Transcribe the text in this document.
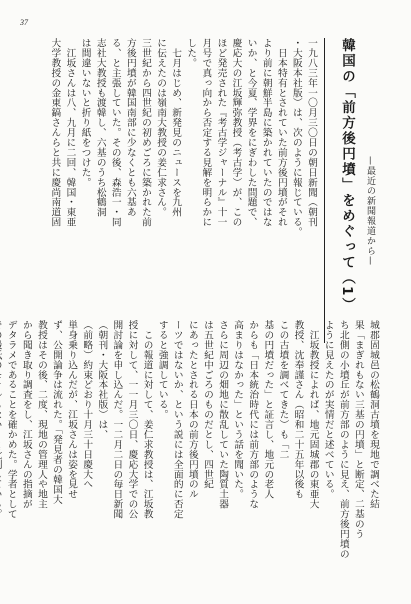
37
韓国の「前方後円墳」をめぐって（1） —最近の新聞報道から—
一九八三年一〇月三〇日の朝日新聞（朝刊
・大阪本社版）は、次のように報じている。
　日本特有とされていた前方後円墳がそれ
より前に朝鮮半島に築かれていたのではな
いか、と今夏、学界をにぎわした問題で、
慶応大の江坂輝弥教授（考古学）が、この
ほど発売された『考古学ジャーナル』十一
月号で真っ向から否定する見解を明らかに
した。
　七月はじめ、新発見のニュースを九州
に伝えたのは嶺南大教授の姜仁求さん。
三世紀から四世紀の初めごろに築かれた前
方後円墳が韓国南部に少なくとも六基あ
る、と主張していた。その後、森浩一・同
志社大教授も渡韓し、六基のうち松鶴洞
は間違いないと折り紙をつけた。
　江坂さんは八、九月に二回、韓国・東亜
大学教授の金東鎬さんらと共に慶尚南道固
城郡固城邑の松鶴洞古墳を現地で調べた結
果「まぎれもない三基の円墳」と断定、二基のう
ち北側の小墳丘が前方部のように見え、前方後円墳の
ように見えたのが実情だと述べている。
　江坂教授によれば、地元固城郡の東亜大
教授、沈奉謹さん（昭和二十五年以後も
この古墳を調べてきた）も「二
基の円墳だった」と証言し、地元の老人
からも「日本統治時代には前方部のような
高まりはなかった」という話を聞いた。
さらに周辺の畑地に散乱していた陶質土器
は五世紀中ごろのものだとし、四世紀
にあったとされる日本の前方後円墳のル
ーツではないか、という説には全面的に否定
すると強調している。
　この報道に対して、姜仁求教授は、江坂教
授に対して、一一月三〇日、慶応大学での公
開討論を申し込んだ。一二月二日の毎日新聞
（朝刊・大阪本社版）は、
（前略）約束どおり十月三十日慶大へ
単身乗り込んだが、江坂さんは姿を見せ
ず、公開論争は流れた。「発見者の韓国大
教授はその後、二度、現地の管理人や地主
から聞き取り調査をし、江坂さんの指摘が
デタラメであることを確かめた。学者として
